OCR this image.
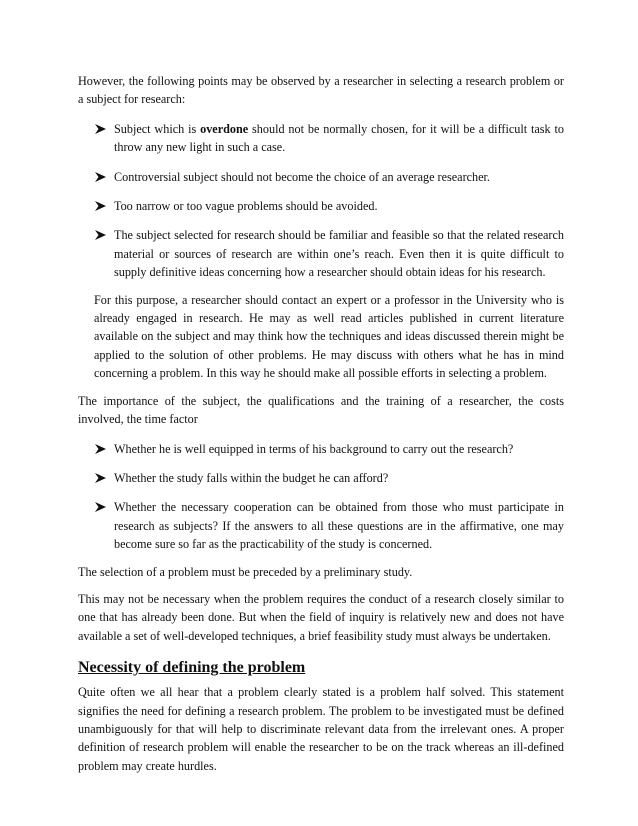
However, the following points may be observed by a researcher in selecting a research problem or a subject for research:

Subject which is overdone should not be normally chosen, for it will be a difficult task to throw any new light in such a case.
Controversial subject should not become the choice of an average researcher.
Too narrow or too vague problems should be avoided.
The subject selected for research should be familiar and feasible so that the related research material or sources of research are within one’s reach. Even then it is quite difficult to supply definitive ideas concerning how a researcher should obtain ideas for his research.

For this purpose, a researcher should contact an expert or a professor in the University who is already engaged in research. He may as well read articles published in current literature available on the subject and may think how the techniques and ideas discussed therein might be applied to the solution of other problems. He may discuss with others what he has in mind concerning a problem. In this way he should make all possible efforts in selecting a problem.

The importance of the subject, the qualifications and the training of a researcher, the costs involved, the time factor

Whether he is well equipped in terms of his background to carry out the research?
Whether the study falls within the budget he can afford?
Whether the necessary cooperation can be obtained from those who must participate in research as subjects? If the answers to all these questions are in the affirmative, one may become sure so far as the practicability of the study is concerned.

The selection of a problem must be preceded by a preliminary study.

This may not be necessary when the problem requires the conduct of a research closely similar to one that has already been done. But when the field of inquiry is relatively new and does not have available a set of well-developed techniques, a brief feasibility study must always be undertaken.

Necessity of defining the problem

Quite often we all hear that a problem clearly stated is a problem half solved. This statement signifies the need for defining a research problem. The problem to be investigated must be defined unambiguously for that will help to discriminate relevant data from the irrelevant ones. A proper definition of research problem will enable the researcher to be on the track whereas an ill-defined problem may create hurdles.
